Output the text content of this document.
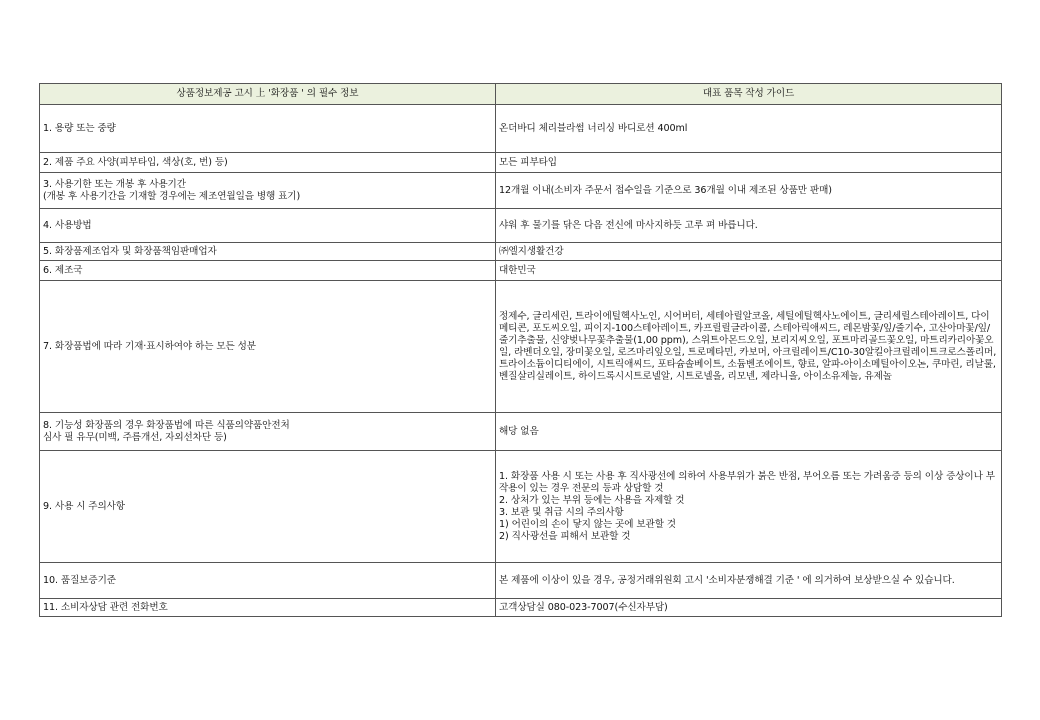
상품정보제공 고시 上 '화장품 ' 의 필수 정보	대표 품목 작성 가이드
1. 용량 또는 중량	온더바디 체리블라썸 너리싱 바디로션 400ml
2. 제품 주요 사양(피부타입, 색상(호, 번) 등)	모든 피부타입
3. 사용기한 또는 개봉 후 사용기간
(개봉 후 사용기간을 기재할 경우에는 제조연월일을 병행 표기)	12개월 이내(소비자 주문서 접수일을 기준으로 36개월 이내 제조된 상품만 판매)
4. 사용방법	샤워 후 물기를 닦은 다음 전신에 마사지하듯 고루 펴 바릅니다.
5. 화장품제조업자 및 화장품책임판매업자	㈜엘지생활건강
6. 제조국	대한민국
7. 화장품법에 따라 기재·표시하여야 하는 모든 성분	정제수, 글리세린, 트라이에틸헥사노인, 시어버터, 세테아릴알코올, 세틸에틸헥사노에이트, 글리세릴스테아레이트, 다이메티콘, 포도씨오일, 피이지-100스테아레이트, 카프릴릴글라이콜, 스테아릭애씨드, 레몬밤꽃/잎/줄기수, 고산아마꽃/잎/줄기추출물, 신양벚나무꽃추출물(1,00 ppm), 스위트아몬드오일, 보리지씨오일, 포트마리골드꽃오일, 마트리카리아꽃오일, 라벤더오일, 장미꽃오일, 로즈마리잎오일, 트로메타민, 카보머, 아크릴레이트/C10-30알킬아크릴레이트크로스폴리머, 트라이소듐이디티에이, 시트릭애씨드, 포타슘솔베이트, 소듐벤조에이트, 향료, 알파-아이소메틸아이오논, 쿠마린, 리날룰, 벤질살리실레이트, 하이드록시시트로넬알, 시트로넬올, 리모넨, 제라니올, 아이소유제놀, 유제놀
8. 기능성 화장품의 경우 화장품법에 따른 식품의약품안전처
심사 필 유무(미백, 주름개선, 자외선차단 등)	해당 없음
9. 사용 시 주의사항	1. 화장품 사용 시 또는 사용 후 직사광선에 의하여 사용부위가 붉은 반점, 부어오름 또는 가려움증 등의 이상 증상이나 부작용이 있는 경우 전문의 등과 상담할 것
2. 상처가 있는 부위 등에는 사용을 자제할 것
3. 보관 및 취급 시의 주의사항
1) 어린이의 손이 닿지 않는 곳에 보관할 것
2) 직사광선을 피해서 보관할 것
10. 품질보증기준	본 제품에 이상이 있을 경우, 공정거래위원회 고시 '소비자분쟁해결 기준 ' 에 의거하여 보상받으실 수 있습니다.
11. 소비자상담 관련 전화번호	고객상담실 080-023-7007(수신자부담)
